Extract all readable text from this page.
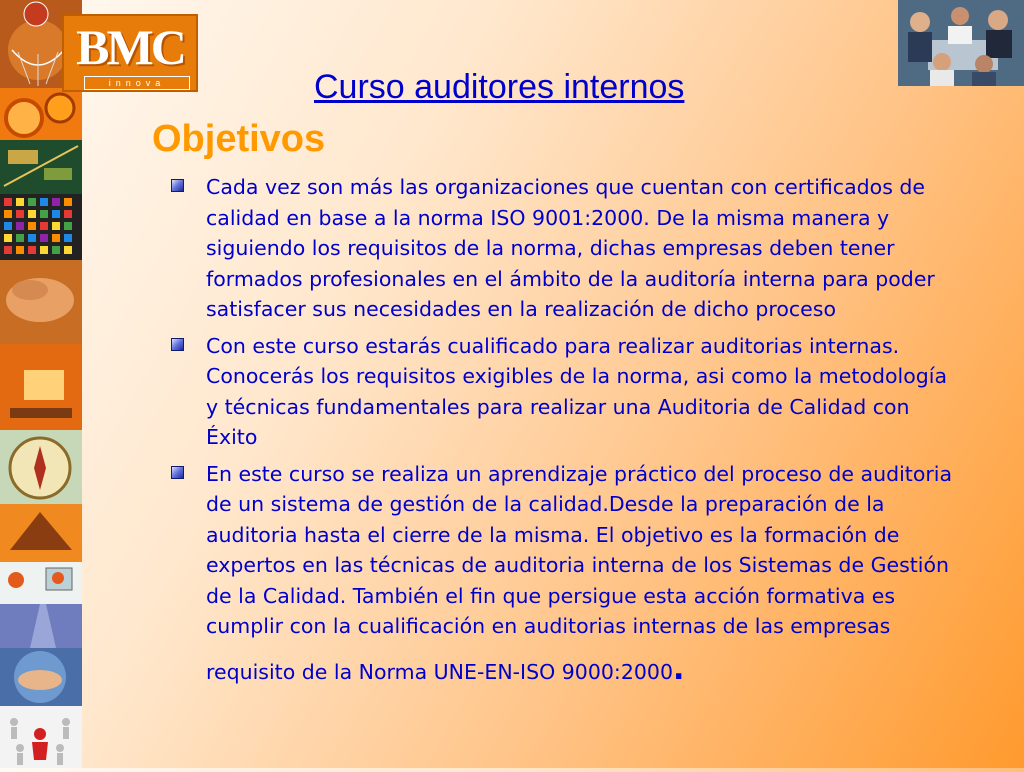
BMC
innova	Curso auditores internos
Objetivos
Cada vez son más las organizaciones que cuentan con certificados de calidad en base a la norma ISO 9001:2000. De la misma manera y siguiendo los requisitos de la norma, dichas empresas deben tener formados profesionales en el ámbito de la auditoría interna para poder satisfacer sus necesidades en la realización de dicho proceso
Con este curso estarás cualificado para realizar auditorias internas. Conocerás los requisitos exigibles de la norma, asi como la metodología y técnicas fundamentales para realizar una Auditoria de Calidad con Éxito
En este curso se realiza un aprendizaje práctico del proceso de auditoria de un sistema de gestión de la calidad.Desde la preparación de la auditoria hasta el cierre de la misma. El objetivo es la formación de expertos en las técnicas de auditoria interna de los Sistemas de Gestión de la Calidad. También el fin que persigue esta acción formativa es cumplir con la cualificación en auditorias internas de las empresas
requisito de la Norma UNE-EN-ISO 9000:2000.
